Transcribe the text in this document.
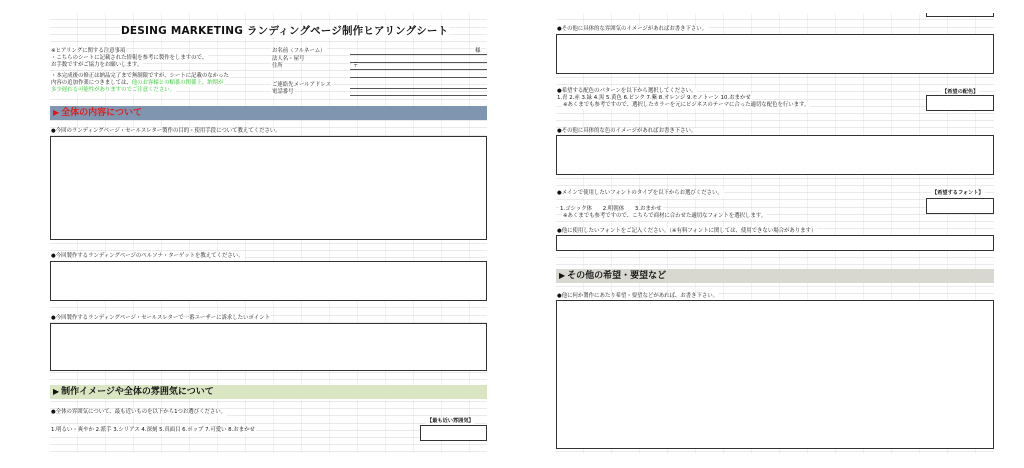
DESING MARKETING ランディングページ制作ヒアリングシート
※ヒアリングに関する注意事項
・こちらのシートに記載された情報を参考に製作をしますので、
お手数ですがご協力をお願いします。
・本完成後の修正は納品完了まで無制限ですが、シートに記載のなかった
内容の追加作業につきましては、他のお客様との順番の関係上、納期が
多少遅れる可能性がありますのでご注意ください。
お名前（フルネーム）	様
法人名・屋号
住所	〒
ご連絡先メールアドレス
電話番号
▶ 全体の内容について
●今回のランディングページ・セールスレター製作の目的・使用手段について教えてください。
●今回製作するランディングページのペルソナ・ターゲットを教えてください。
●今回製作するランディングページ・セールスレターで一番ユーザーに訴求したいポイント
▶ 制作イメージや全体の雰囲気について
●全体の雰囲気について、最も近いものを以下から1つお選びください。
【最も近い雰囲気】
1.明るい・爽やか 2.派手 3.シリアス 4.深刻 5.真面目 6.ポップ 7.可愛い 8.おまかせ
●その他に具体的な雰囲気のイメージがあればお書き下さい。
●希望する配色のパターンを以下から選択してください。	【希望の配色】
1.青 2.赤 3.緑 4.黒 5.黄色 6.ピンク 7.紫 8.オレンジ 9.モノトーン 10.おまかせ
※あくまでも参考ですので、選択したカラーを元にビジネスのテーマに合った適切な配色を行います。
●その他に具体的な色のイメージがあればお書き下さい。
●メインで使用したいフォントのタイプを以下からお選びください。	【希望するフォント】
1.ゴシック体　　2.明朝体　　3.おまかせ
※あくまでも参考ですので、こちらで商材に合わせた適切なフォントを選択します。
●他に使用したいフォントをご記入ください。（※有料フォントに関しては、使用できない場合があります）
▶ その他の希望・要望など
●他に何か製作にあたり希望・要望などがあれば、お書き下さい。
